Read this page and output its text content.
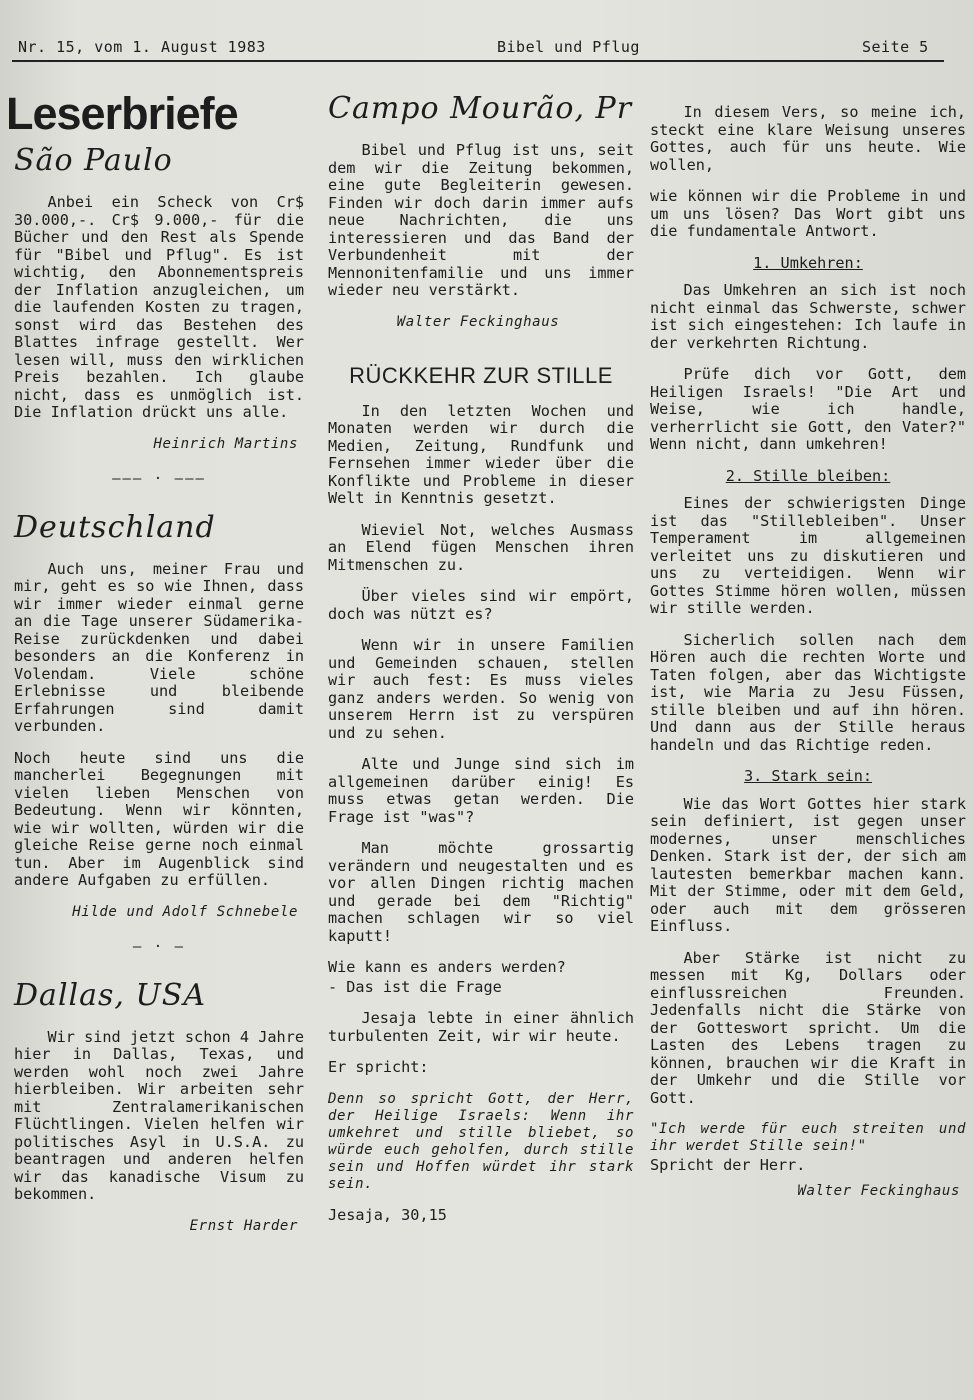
Nr. 15, vom 1. August 1983	Bibel und Pflug	Seite 5
Leserbriefe
São Paulo

Anbei ein Scheck von Cr$ 30.000,-. Cr$ 9.000,- für die Bücher und den Rest als Spende für "Bibel und Pflug". Es ist wichtig, den Abonnementspreis der Inflation anzugleichen, um die laufenden Kosten zu tragen, sonst wird das Bestehen des Blattes infrage gestellt. Wer lesen will, muss den wirklichen Preis bezahlen. Ich glaube nicht, dass es unmöglich ist. Die Inflation drückt uns alle.

Heinrich Martins
——— · ———
Deutschland

Auch uns, meiner Frau und mir, geht es so wie Ihnen, dass wir immer wieder einmal gerne an die Tage unserer Südamerika-Reise zurückdenken und dabei besonders an die Konferenz in Volendam. Viele schöne Erlebnisse und bleibende Erfahrungen sind damit verbunden.

Noch heute sind uns die mancherlei Begegnungen mit vielen lieben Menschen von Bedeutung. Wenn wir könnten, wie wir wollten, würden wir die gleiche Reise gerne noch einmal tun. Aber im Augenblick sind andere Aufgaben zu erfüllen.

Hilde und Adolf Schnebele
— · —
Dallas, USA

Wir sind jetzt schon 4 Jahre hier in Dallas, Texas, und werden wohl noch zwei Jahre hierbleiben. Wir arbeiten sehr mit Zentralamerikanischen Flüchtlingen. Vielen helfen wir politisches Asyl in U.S.A. zu beantragen und anderen helfen wir das kanadische Visum zu bekommen.

Ernst Harder
Campo Mourão, Pr

Bibel und Pflug ist uns, seit dem wir die Zeitung bekommen, eine gute Begleiterin gewesen. Finden wir doch darin immer aufs neue Nachrichten, die uns interessieren und das Band der Verbundenheit mit der Mennonitenfamilie und uns immer wieder neu verstärkt.

Walter Feckinghaus
RÜCKKEHR ZUR STILLE

In den letzten Wochen und Monaten werden wir durch die Medien, Zeitung, Rundfunk und Fernsehen immer wieder über die Konflikte und Probleme in dieser Welt in Kenntnis gesetzt.

Wieviel Not, welches Ausmass an Elend fügen Menschen ihren Mitmenschen zu.

Über vieles sind wir empört, doch was nützt es?

Wenn wir in unsere Familien und Gemeinden schauen, stellen wir auch fest: Es muss vieles ganz anders werden. So wenig von unserem Herrn ist zu verspüren und zu sehen.

Alte und Junge sind sich im allgemeinen darüber einig! Es muss etwas getan werden. Die Frage ist "was"?

Man möchte grossartig verändern und neugestalten und es vor allen Dingen richtig machen und gerade bei dem "Richtig" machen schlagen wir so viel kaputt!

Wie kann es anders werden?

- Das ist die Frage

Jesaja lebte in einer ähnlich turbulenten Zeit, wir wir heute.

Er spricht:

Denn so spricht Gott, der Herr, der Heilige Israels: Wenn ihr umkehret und stille bliebet, so würde euch geholfen, durch stille sein und Hoffen würdet ihr stark sein.

Jesaja, 30,15

In diesem Vers, so meine ich, steckt eine klare Weisung unseres Gottes, auch für uns heute. Wie wollen,

wie können wir die Probleme in und um uns lösen? Das Wort gibt uns die fundamentale Antwort.

1. Umkehren:

Das Umkehren an sich ist noch nicht einmal das Schwerste, schwer ist sich eingestehen: Ich laufe in der verkehrten Richtung.

Prüfe dich vor Gott, dem Heiligen Israels! "Die Art und Weise, wie ich handle, verherrlicht sie Gott, den Vater?" Wenn nicht, dann umkehren!

2. Stille bleiben:

Eines der schwierigsten Dinge ist das "Stillebleiben". Unser Temperament im allgemeinen verleitet uns zu diskutieren und uns zu verteidigen. Wenn wir Gottes Stimme hören wollen, müssen wir stille werden.

Sicherlich sollen nach dem Hören auch die rechten Worte und Taten folgen, aber das Wichtigste ist, wie Maria zu Jesu Füssen, stille bleiben und auf ihn hören. Und dann aus der Stille heraus handeln und das Richtige reden.

3. Stark sein:

Wie das Wort Gottes hier stark sein definiert, ist gegen unser modernes, unser menschliches Denken. Stark ist der, der sich am lautesten bemerkbar machen kann. Mit der Stimme, oder mit dem Geld, oder auch mit dem grösseren Einfluss.

Aber Stärke ist nicht zu messen mit Kg, Dollars oder einflussreichen Freunden. Jedenfalls nicht die Stärke von der Gotteswort spricht. Um die Lasten des Lebens tragen zu können, brauchen wir die Kraft in der Umkehr und die Stille vor Gott.

"Ich werde für euch streiten und ihr werdet Stille sein!"

Spricht der Herr.

Walter Feckinghaus
